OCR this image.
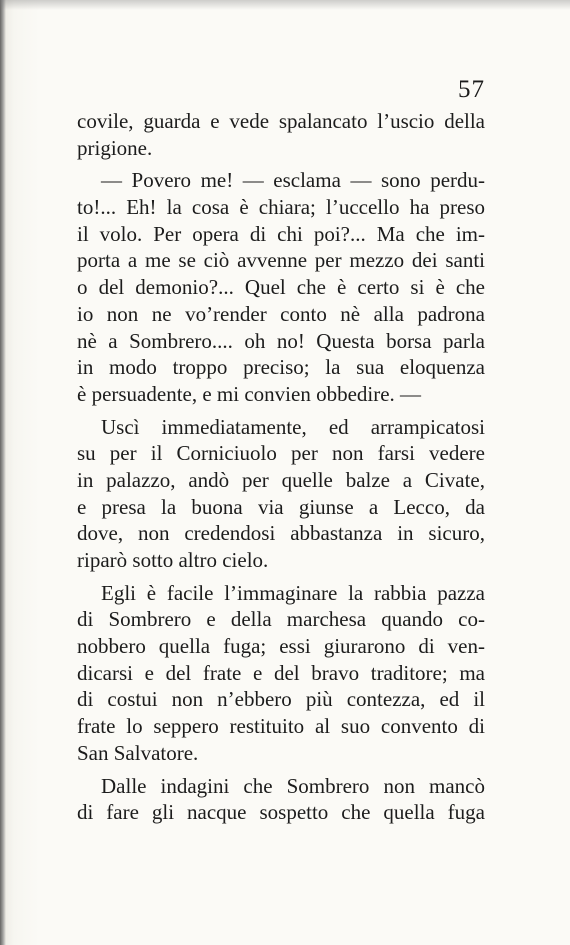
57
covile, guarda e vede spalancato l’uscio della
prigione.
— Povero me! — esclama — sono perdu-
to!... Eh! la cosa è chiara; l’uccello ha preso
il volo. Per opera di chi poi?... Ma che im-
porta a me se ciò avvenne per mezzo dei santi
o del demonio?... Quel che è certo si è che
io non ne vo’render conto nè alla padrona
nè a Sombrero.... oh no! Questa borsa parla
in modo troppo preciso; la sua eloquenza
è persuadente, e mi convien obbedire. —
Uscì immediatamente, ed arrampicatosi
su per il Corniciuolo per non farsi vedere
in palazzo, andò per quelle balze a Civate,
e presa la buona via giunse a Lecco, da
dove, non credendosi abbastanza in sicuro,
riparò sotto altro cielo.
Egli è facile l’immaginare la rabbia pazza
di Sombrero e della marchesa quando co-
nobbero quella fuga; essi giurarono di ven-
dicarsi e del frate e del bravo traditore; ma
di costui non n’ebbero più contezza, ed il
frate lo seppero restituito al suo convento di
San Salvatore.
Dalle indagini che Sombrero non mancò
di fare gli nacque sospetto che quella fuga
